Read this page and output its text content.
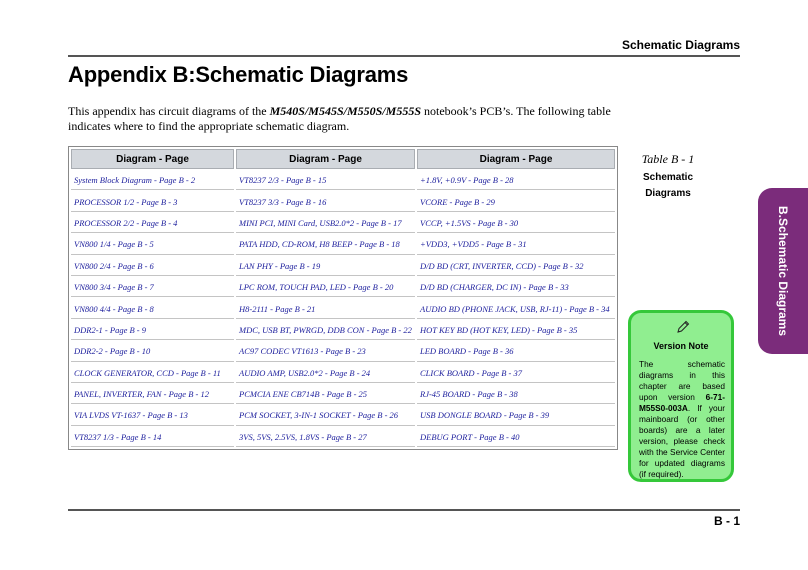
Schematic Diagrams
Appendix B:Schematic Diagrams

This appendix has circuit diagrams of the M540S/M545S/M550S/M555S notebook’s PCB’s. The following table indicates where to find the appropriate schematic diagram.

Diagram - Page	Diagram - Page	Diagram - Page
System Block Diagram - Page B - 2	VT8237 2/3 - Page B - 15	+1.8V, +0.9V - Page B - 28
PROCESSOR 1/2 - Page B - 3	VT8237 3/3 - Page B - 16	VCORE - Page B - 29
PROCESSOR 2/2 - Page B - 4	MINI PCI, MINI Card, USB2.0*2 - Page B - 17	VCCP, +1.5VS - Page B - 30
VN800 1/4 - Page B - 5	PATA HDD, CD-ROM, H8 BEEP - Page B - 18	+VDD3, +VDD5 - Page B - 31
VN800 2/4 - Page B - 6	LAN PHY - Page B - 19	D/D BD (CRT, INVERTER, CCD) - Page B - 32
VN800 3/4 - Page B - 7	LPC ROM, TOUCH PAD, LED - Page B - 20	D/D BD (CHARGER, DC IN) - Page B - 33
VN800 4/4 - Page B - 8	H8-2111 - Page B - 21	AUDIO BD (PHONE JACK, USB, RJ-11) - Page B - 34
DDR2-1 - Page B - 9	MDC, USB BT, PWRGD, DDB CON - Page B - 22	HOT KEY BD (HOT KEY, LED) - Page B - 35
DDR2-2 - Page B - 10	AC97 CODEC VT1613 - Page B - 23	LED BOARD - Page B - 36
CLOCK GENERATOR, CCD - Page B - 11	AUDIO AMP, USB2.0*2 - Page B - 24	CLICK BOARD - Page B - 37
PANEL, INVERTER, FAN - Page B - 12	PCMCIA ENE CB714B - Page B - 25	RJ-45 BOARD - Page B - 38
VIA LVDS VT-1637 - Page B - 13	PCM SOCKET, 3-IN-1 SOCKET - Page B - 26	USB DONGLE BOARD - Page B - 39
VT8237 1/3 - Page B - 14	3VS, 5VS, 2.5VS, 1.8VS - Page B - 27	DEBUG PORT - Page B - 40
Table B - 1
Schematic
Diagrams
B.Schematic Diagrams
Version Note
The schematic diagrams in this chapter are based upon version 6-71-M55S0-003A. If your mainboard (or other boards) are a later version, please check with the Service Center for updated diagrams (if required).
B - 1
